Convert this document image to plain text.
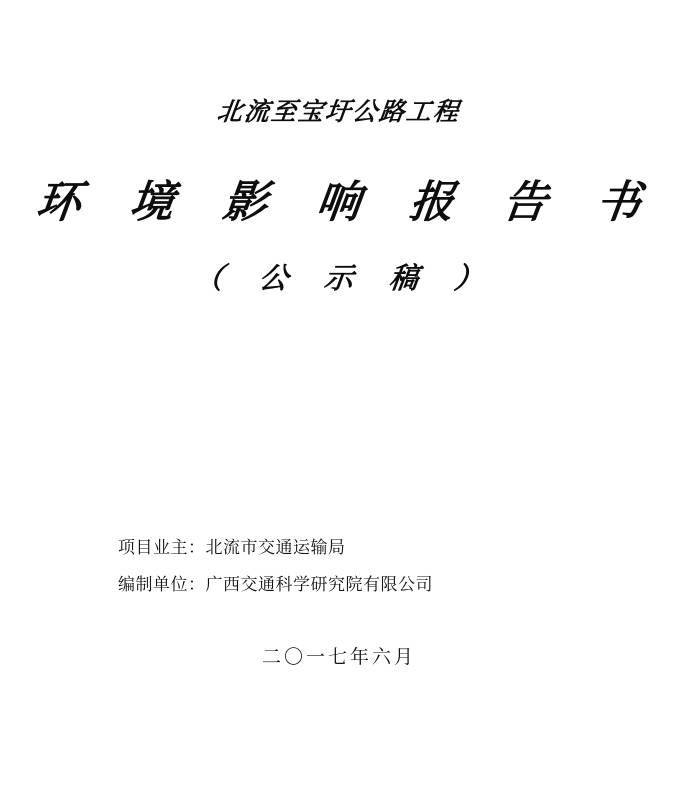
北流至宝圩公路工程
环 境 影 响 报 告 书
（ 公 示 稿 ）
项目业主：北流市交通运输局
编制单位：广西交通科学研究院有限公司
二〇一七年六月
